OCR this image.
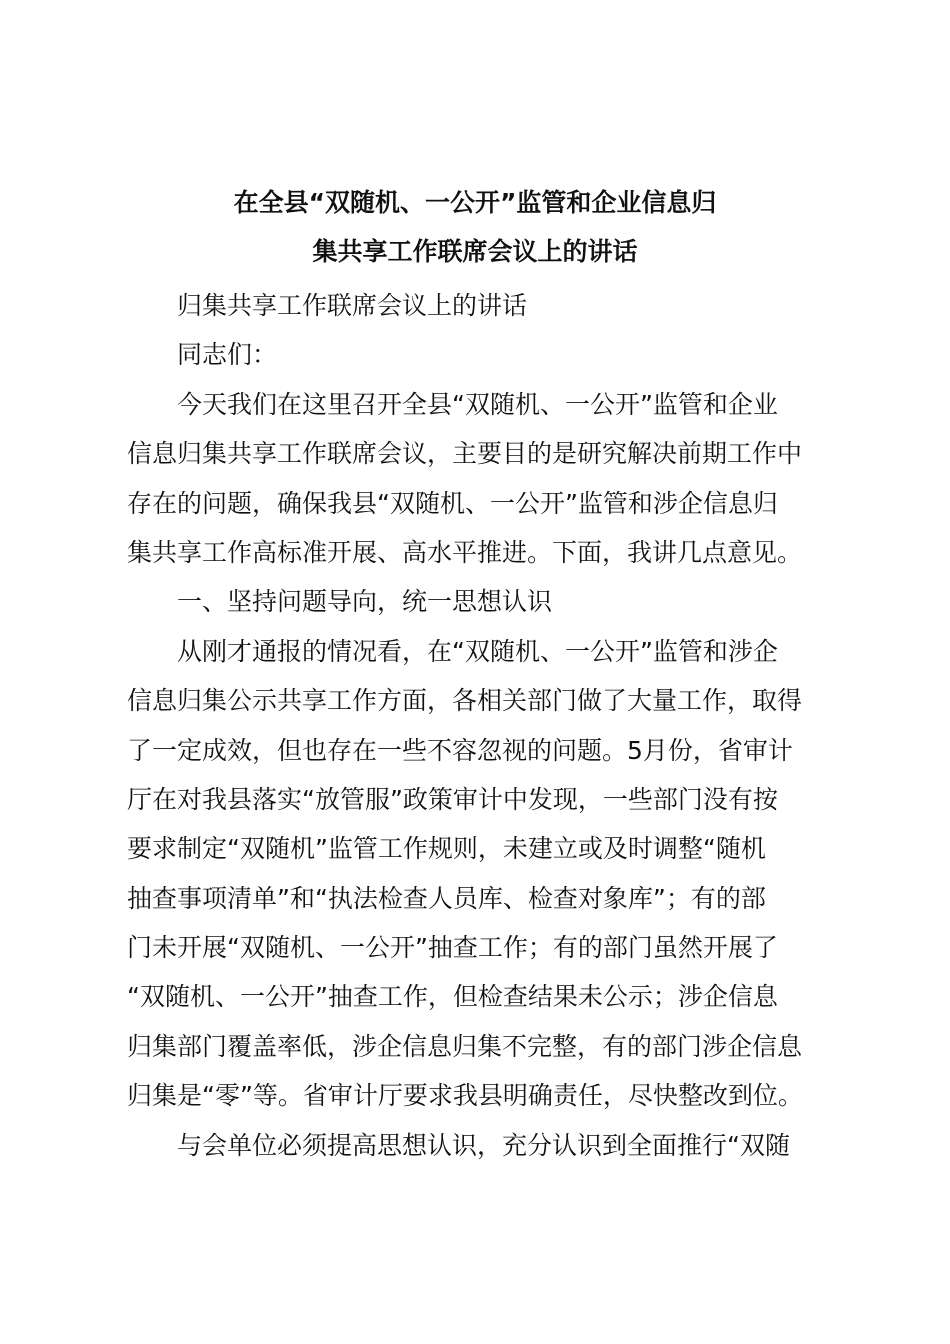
在全县“双随机、一公开”监管和企业信息归
集共享工作联席会议上的讲话
归集共享工作联席会议上的讲话
同志们：
今天我们在这里召开全县“双随机、一公开”监管和企业
信息归集共享工作联席会议，主要目的是研究解决前期工作中
存在的问题，确保我县“双随机、一公开”监管和涉企信息归
集共享工作高标准开展、高水平推进。下面，我讲几点意见。
一、坚持问题导向，统一思想认识
从刚才通报的情况看，在“双随机、一公开”监管和涉企
信息归集公示共享工作方面，各相关部门做了大量工作，取得
了一定成效，但也存在一些不容忽视的问题。5月份，省审计
厅在对我县落实“放管服”政策审计中发现，一些部门没有按
要求制定“双随机”监管工作规则，未建立或及时调整“随机
抽查事项清单”和“执法检查人员库、检查对象库”；有的部
门未开展“双随机、一公开”抽查工作；有的部门虽然开展了
“双随机、一公开”抽查工作，但检查结果未公示；涉企信息
归集部门覆盖率低，涉企信息归集不完整，有的部门涉企信息
归集是“零”等。省审计厅要求我县明确责任，尽快整改到位。
与会单位必须提高思想认识，充分认识到全面推行“双随
